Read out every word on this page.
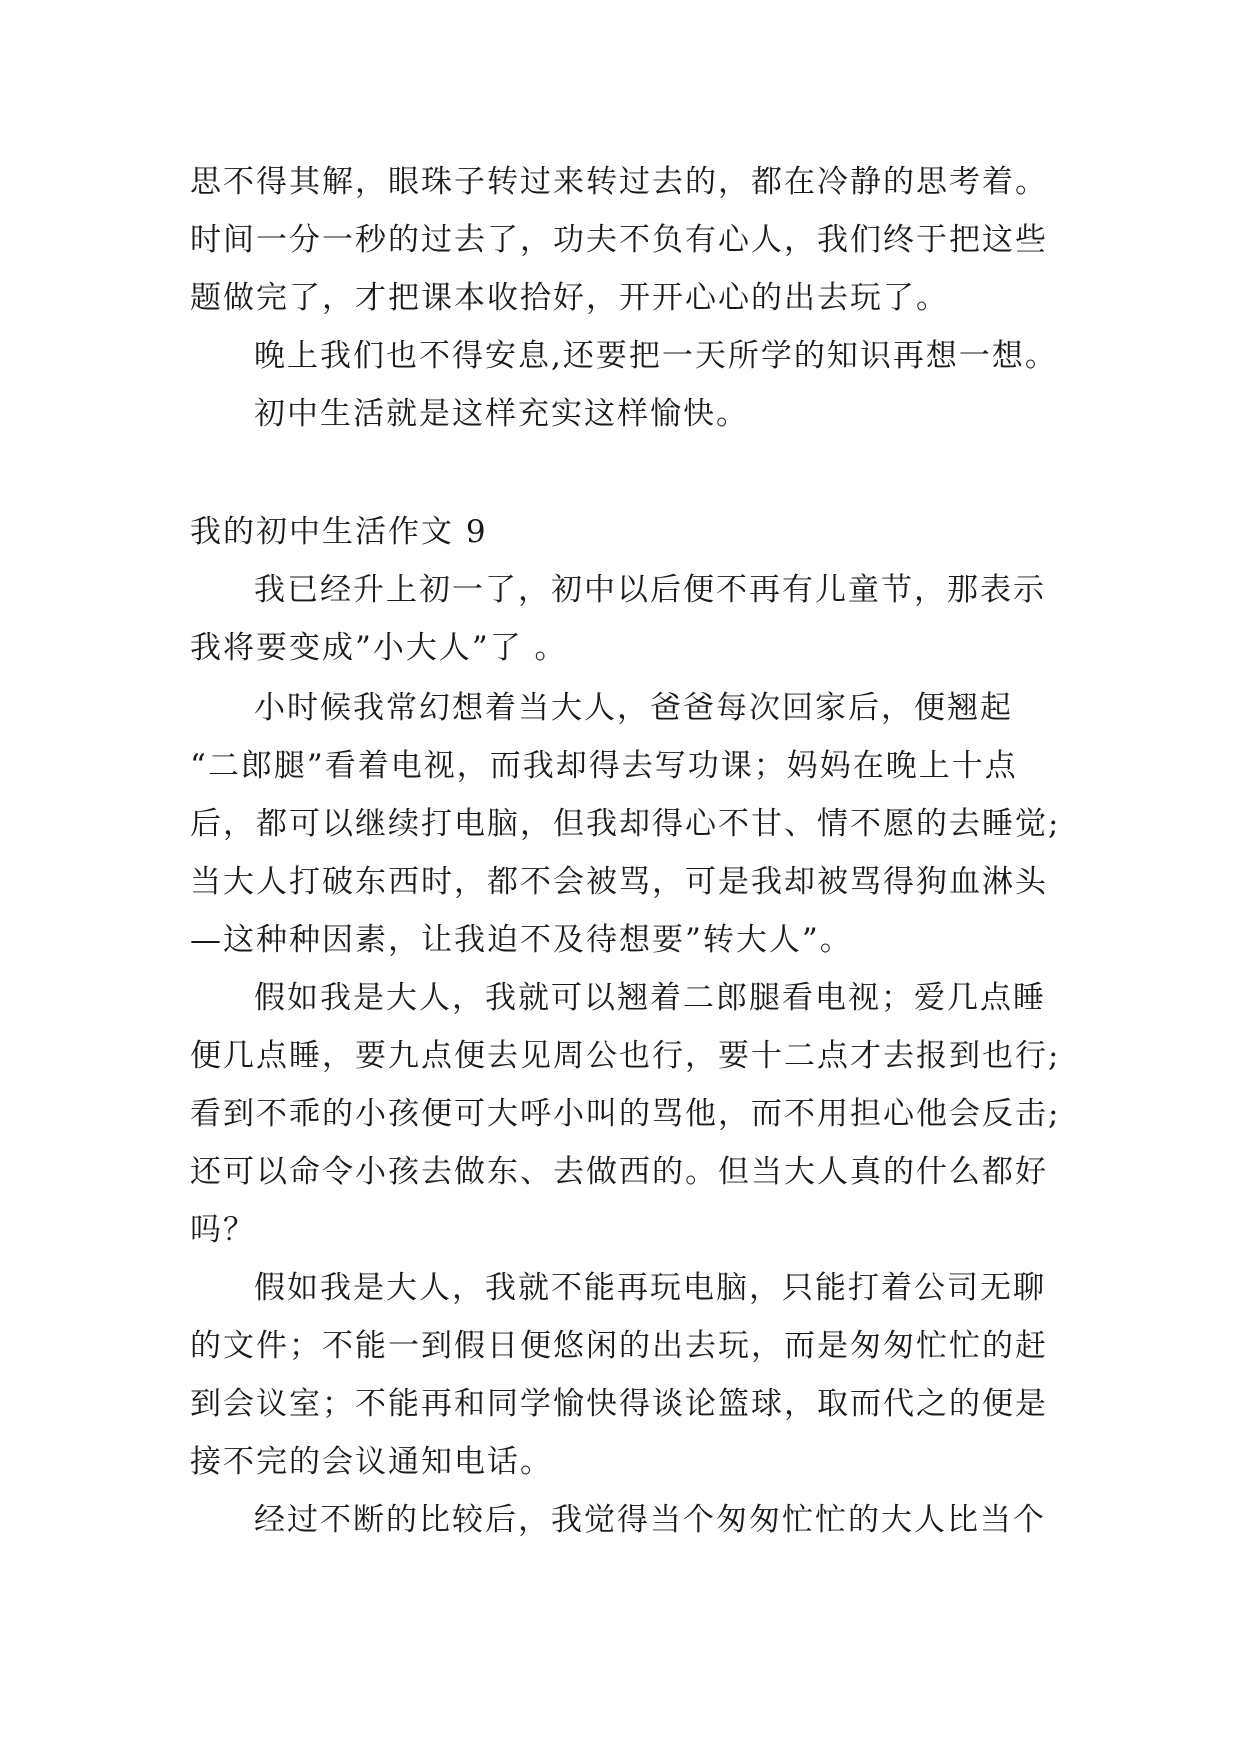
思不得其解，眼珠子转过来转过去的，都在冷静的思考着。
时间一分一秒的过去了，功夫不负有心人，我们终于把这些
题做完了，才把课本收拾好，开开心心的出去玩了。
晚上我们也不得安息,还要把一天所学的知识再想一想。
初中生活就是这样充实这样愉快。
我的初中生活作文 9
我已经升上初一了，初中以后便不再有儿童节，那表示
我将要变成”小大人”了 。
小时候我常幻想着当大人，爸爸每次回家后，便翘起
“二郎腿”看着电视，而我却得去写功课；妈妈在晚上十点
后，都可以继续打电脑，但我却得心不甘、情不愿的去睡觉;
当大人打破东西时，都不会被骂，可是我却被骂得狗血淋头
—这种种因素，让我迫不及待想要”转大人”。
假如我是大人，我就可以翘着二郎腿看电视；爱几点睡
便几点睡，要九点便去见周公也行，要十二点才去报到也行;
看到不乖的小孩便可大呼小叫的骂他，而不用担心他会反击;
还可以命令小孩去做东、去做西的。但当大人真的什么都好
吗？
假如我是大人，我就不能再玩电脑，只能打着公司无聊
的文件；不能一到假日便悠闲的出去玩，而是匆匆忙忙的赶
到会议室；不能再和同学愉快得谈论篮球，取而代之的便是
接不完的会议通知电话。
经过不断的比较后，我觉得当个匆匆忙忙的大人比当个
